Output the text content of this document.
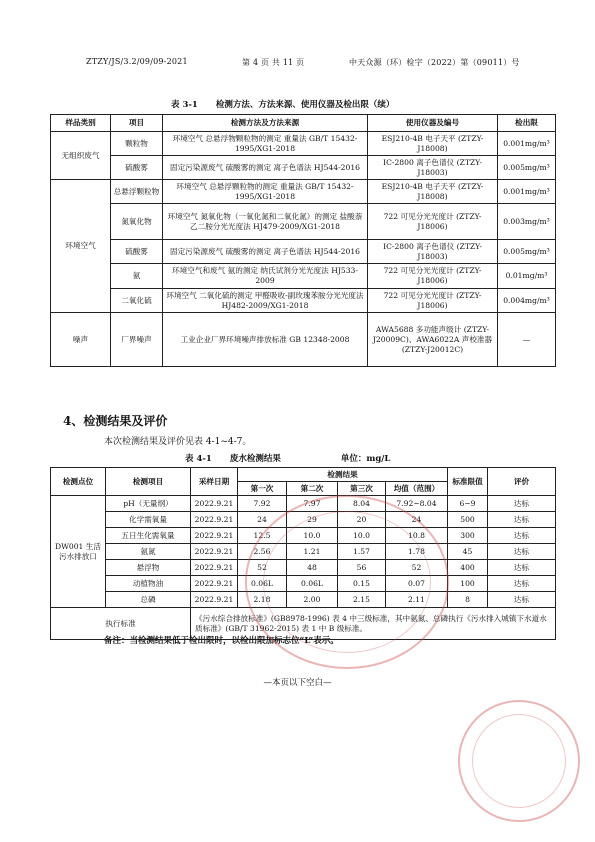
ZTZY/JS/3.2/09/09-2021	第 4 页 共 11 页	中天众源（环）检字（2022）第（09011）号
表 3-1 检测方法、方法来源、使用仪器及检出限（续）
样品类别	项目	检测方法及方法来源	使用仪器及编号	检出限
无组织废气	颗粒物	环境空气 总悬浮物颗粒物的测定 重量法 GB/T 15432-1995/XG1-2018	ESJ210-4B 电子天平 (ZTZY-J18008)	0.001mg/m³
	硫酸雾	固定污染源废气 硫酸雾的测定 离子色谱法 HJ544-2016	IC-2800 离子色谱仪 (ZTZY-J18003)	0.005mg/m³
环境空气	总悬浮颗粒物	环境空气 总悬浮颗粒物的测定 重量法 GB/T 15432-1995/XG1-2018	ESJ210-4B 电子天平 (ZTZY-J18008)	0.001mg/m³
	氮氧化物	环境空气 氮氧化物（一氧化氮和二氧化氮）的测定 盐酸萘乙二胺分光光度法 HJ479-2009/XG1-2018	722 可见分光光度计 (ZTZY-J18006)	0.003mg/m³
	硫酸雾	固定污染源废气 硫酸雾的测定 离子色谱法 HJ544-2016	IC-2800 离子色谱仪 (ZTZY-J18003)	0.005mg/m³
	氨	环境空气和废气 氨的测定 纳氏试剂分光光度法 HJ533-2009	722 可见分光光度计 (ZTZY-J18006)	0.01mg/m³
	二氧化硫	环境空气 二氧化硫的测定 甲醛吸收-副玫瑰苯胺分光光度法 HJ482-2009/XG1-2018	722 可见分光光度计 (ZTZY-J18006)	0.004mg/m³
噪声	厂界噪声	工业企业厂界环境噪声排放标准 GB 12348-2008	AWA5688 多功能声级计 (ZTZY-J20009C)、AWA6022A 声校准器 (ZTZY-J20012C)	—
4、检测结果及评价
本次检测结果及评价见表 4-1~4-7。
表 4-1 废水检测结果	单位：mg/L
检测点位	检测项目	采样日期	检测结果				标准限值	评价
			第一次	第二次	第三次	均值（范围）		
DW001 生活污水排放口	pH（无量纲）	2022.9.21	7.92	7.97	8.04	7.92~8.04	6~9	达标
	化学需氧量	2022.9.21	24	29	20	24	500	达标
	五日生化需氧量	2022.9.21	12.5	10.0	10.0	10.8	300	达标
	氨氮	2022.9.21	2.56	1.21	1.57	1.78	45	达标
	悬浮物	2022.9.21	52	48	56	52	400	达标
	动植物油	2022.9.21	0.06L	0.06L	0.15	0.07	100	达标
	总磷	2022.9.21	2.18	2.00	2.15	2.11	8	达标
执行标准		《污水综合排放标准》(GB8978-1996) 表 4 中三级标准，其中氨氮、总磷执行《污水排入城镇下水道水质标准》(GB/T 31962-2015) 表 1 中 B 级标准。						
备注：当检测结果低于检出限时，以检出限加标志位“L”表示。
—本页以下空白—
